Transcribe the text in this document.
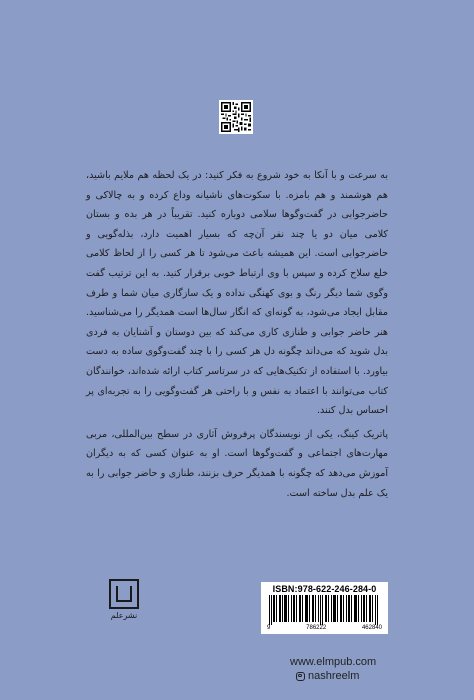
به سرعت و با آنکا به خود شروع به فکر کنید: در یک لحظه هم ملایم باشید، هم هوشمند و هم بامزه. با سکوت‌های ناشیانه وداع کرده و به چالاکی و حاضرجوابی در گفت‌وگوها سلامی دوباره کنید. تقریباً در هر بده و بستان کلامی میان دو یا چند نفر آن‌چه که بسیار اهمیت دارد، بذله‌گویی و حاضرجوابی است. این همیشه باعث می‌شود تا هر کسی را از لحاظ کلامی خلع سلاح کرده و سپس با وی ارتباط خوبی برقرار کنید. به این ترتیب گفت وگوی شما دیگر رنگ و بوی کهنگی نداده و یک سازگاری میان شما و طرف مقابل ایجاد می‌شود، به گونه‌ای که انگار سال‌ها است همدیگر را می‌شناسید. هنر حاضر جوابی و طنازی کاری می‌کند که بین دوستان و آشنایان به فردی بدل شوید که می‌داند چگونه دل هر کسی را با چند گفت‌وگوی ساده به دست بیاورد. با استفاده از تکنیک‌هایی که در سرتاسر کتاب ارائه شده‌اند، خوانندگان کتاب می‌توانند با اعتماد به نفس و با راحتی هر گفت‌وگویی را به تجربه‌ای پر احساس بدل کنند.

پاتریک کینگ، یکی از نویسندگان پرفروش آثاری در سطح بین‌المللی، مربی مهارت‌های اجتماعی و گفت‌وگوها است. او به عنوان کسی که به دیگران آموزش می‌دهد که چگونه با همدیگر حرف بزنند، طنازی و حاضر جوابی را به یک علم بدل ساخته است.

نشرعلم
ISBN:978-622-246-284-0
9	786222	462840
www.elmpub.com
nashreelm
